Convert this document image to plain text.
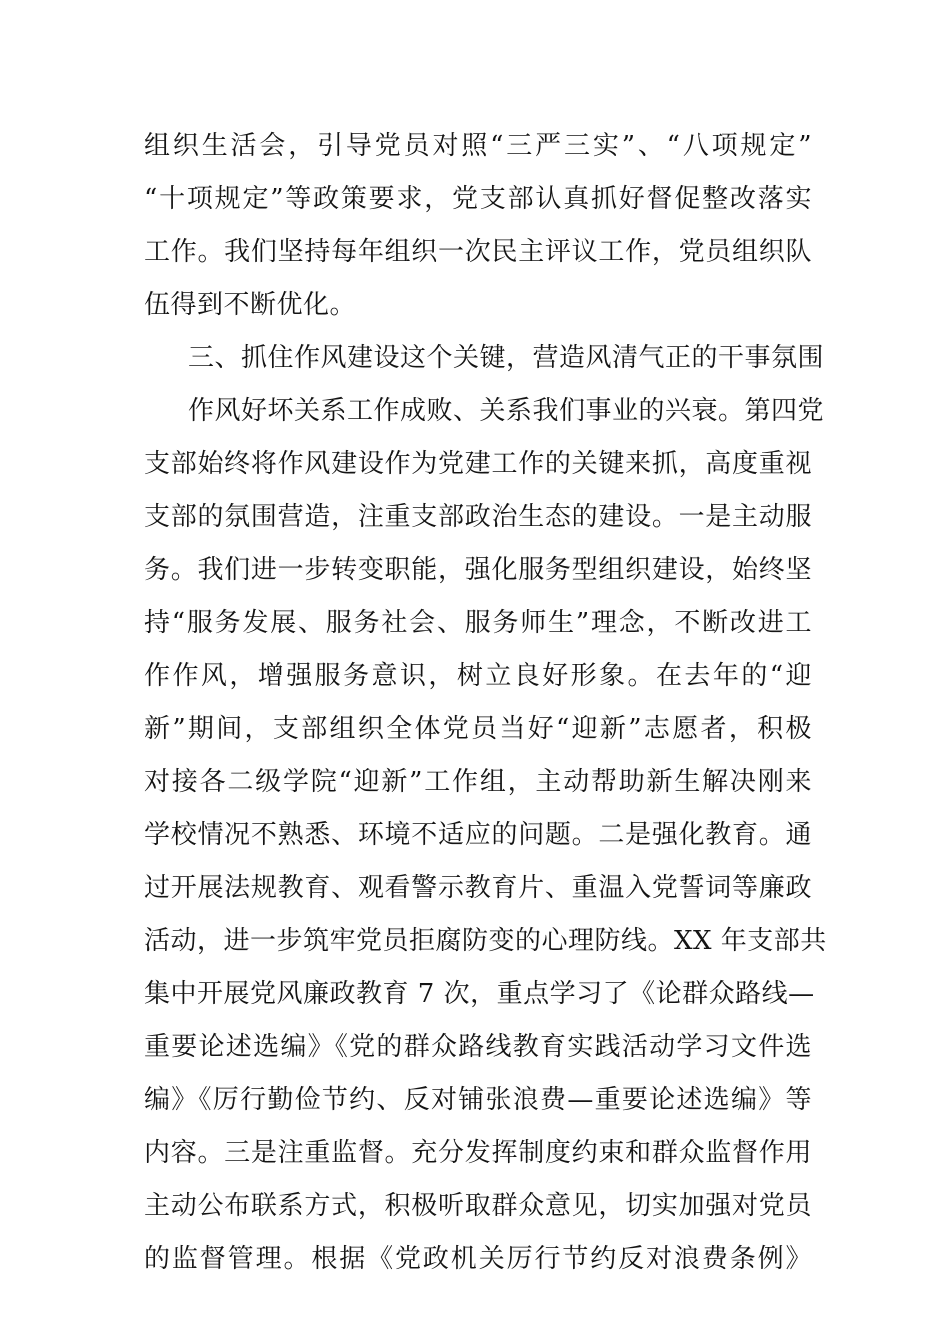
组织生活会，引导党员对照“三严三实”、“八项规定”
“十项规定”等政策要求，党支部认真抓好督促整改落实
工作。我们坚持每年组织一次民主评议工作，党员组织队
伍得到不断优化。
三、抓住作风建设这个关键，营造风清气正的干事氛围
作风好坏关系工作成败、关系我们事业的兴衰。第四党
支部始终将作风建设作为党建工作的关键来抓，高度重视
支部的氛围营造，注重支部政治生态的建设。一是主动服
务。我们进一步转变职能，强化服务型组织建设，始终坚
持“服务发展、服务社会、服务师生”理念，不断改进工
作作风，增强服务意识，树立良好形象。在去年的“迎
新”期间，支部组织全体党员当好“迎新”志愿者，积极
对接各二级学院“迎新”工作组，主动帮助新生解决刚来
学校情况不熟悉、环境不适应的问题。二是强化教育。通
过开展法规教育、观看警示教育片、重温入党誓词等廉政
活动，进一步筑牢党员拒腐防变的心理防线。XX 年支部共
集中开展党风廉政教育 7 次，重点学习了《论群众路线—
重要论述选编》《党的群众路线教育实践活动学习文件选
编》《厉行勤俭节约、反对铺张浪费—重要论述选编》等
内容。三是注重监督。充分发挥制度约束和群众监督作用
主动公布联系方式，积极听取群众意见，切实加强对党员
的监督管理。根据《党政机关厉行节约反对浪费条例》
